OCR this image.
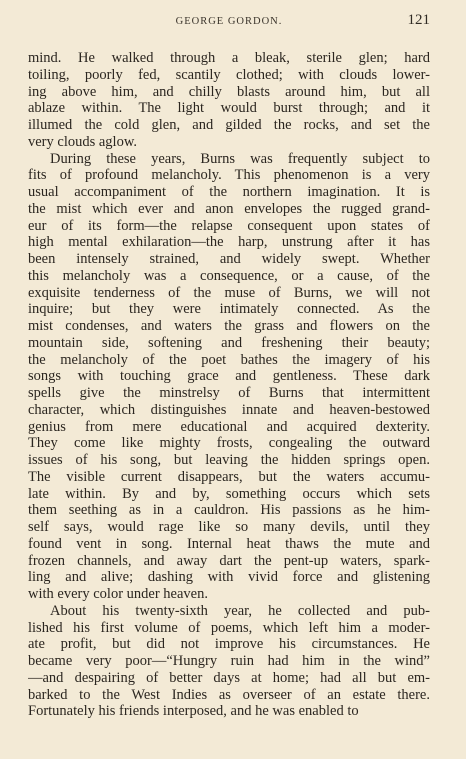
GEORGE GORDON.	121
mind. He walked through a bleak, sterile glen; hard
toiling, poorly fed, scantily clothed; with clouds lower-
ing above him, and chilly blasts around him, but all
ablaze within. The light would burst through; and it
illumed the cold glen, and gilded the rocks, and set the
very clouds aglow.
During these years, Burns was frequently subject to
fits of profound melancholy. This phenomenon is a very
usual accompaniment of the northern imagination. It is
the mist which ever and anon envelopes the rugged grand-
eur of its form—the relapse consequent upon states of
high mental exhilaration—the harp, unstrung after it has
been intensely strained, and widely swept. Whether
this melancholy was a consequence, or a cause, of the
exquisite tenderness of the muse of Burns, we will not
inquire; but they were intimately connected. As the
mist condenses, and waters the grass and flowers on the
mountain side, softening and freshening their beauty;
the melancholy of the poet bathes the imagery of his
songs with touching grace and gentleness. These dark
spells give the minstrelsy of Burns that intermittent
character, which distinguishes innate and heaven-bestowed
genius from mere educational and acquired dexterity.
They come like mighty frosts, congealing the outward
issues of his song, but leaving the hidden springs open.
The visible current disappears, but the waters accumu-
late within. By and by, something occurs which sets
them seething as in a cauldron. His passions as he him-
self says, would rage like so many devils, until they
found vent in song. Internal heat thaws the mute and
frozen channels, and away dart the pent-up waters, spark-
ling and alive; dashing with vivid force and glistening
with every color under heaven.
About his twenty-sixth year, he collected and pub-
lished his first volume of poems, which left him a moder-
ate profit, but did not improve his circumstances. He
became very poor—“Hungry ruin had him in the wind”
—and despairing of better days at home; had all but em-
barked to the West Indies as overseer of an estate there.
Fortunately his friends interposed, and he was enabled to
